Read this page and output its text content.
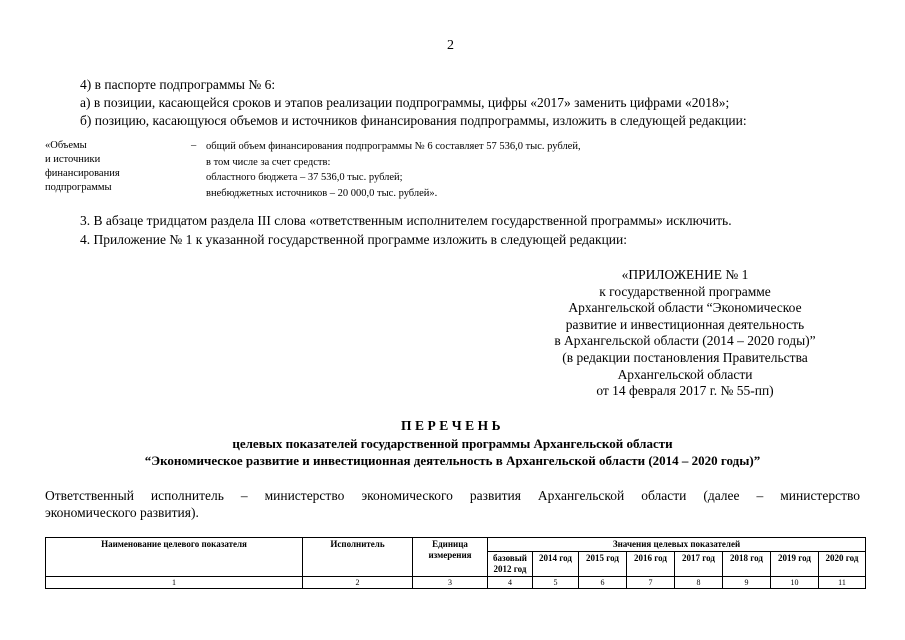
2
4) в паспорте подпрограммы № 6:
а) в позиции, касающейся сроков и этапов реализации подпрограммы, цифры «2017» заменить цифрами «2018»;
б) позицию, касающуюся объемов и источников финансирования подпрограммы, изложить в следующей редакции:
«Объемы
и источники
финансирования
подпрограммы
– общий объем финансирования подпрограммы № 6 составляет 57 536,0 тыс. рублей,
в том числе за счет средств:
областного бюджета – 37 536,0 тыс. рублей;
внебюджетных источников – 20 000,0 тыс. рублей».
3. В абзаце тридцатом раздела III слова «ответственным исполнителем государственной программы» исключить.
4. Приложение № 1 к указанной государственной программе изложить в следующей редакции:
«ПРИЛОЖЕНИЕ № 1
к государственной программе
Архангельской области “Экономическое
развитие и инвестиционная деятельность
в Архангельской области (2014 – 2020 годы)”
(в редакции постановления Правительства
Архангельской области
от 14 февраля 2017 г. № 55-пп)
ПЕРЕЧЕНЬ
целевых показателей государственной программы Архангельской области
“Экономическое развитие и инвестиционная деятельность в Архангельской области (2014 – 2020 годы)”
Ответственный исполнитель – министерство экономического развития Архангельской области (далее – министерство
экономического развития).
Наименование целевого показателя	Исполнитель	Единица измерения	Значения целевых показателей							
			базовый 2012 год	2014 год	2015 год	2016 год	2017 год	2018 год	2019 год	2020 год
1	2	3	4	5	6	7	8	9	10	11
